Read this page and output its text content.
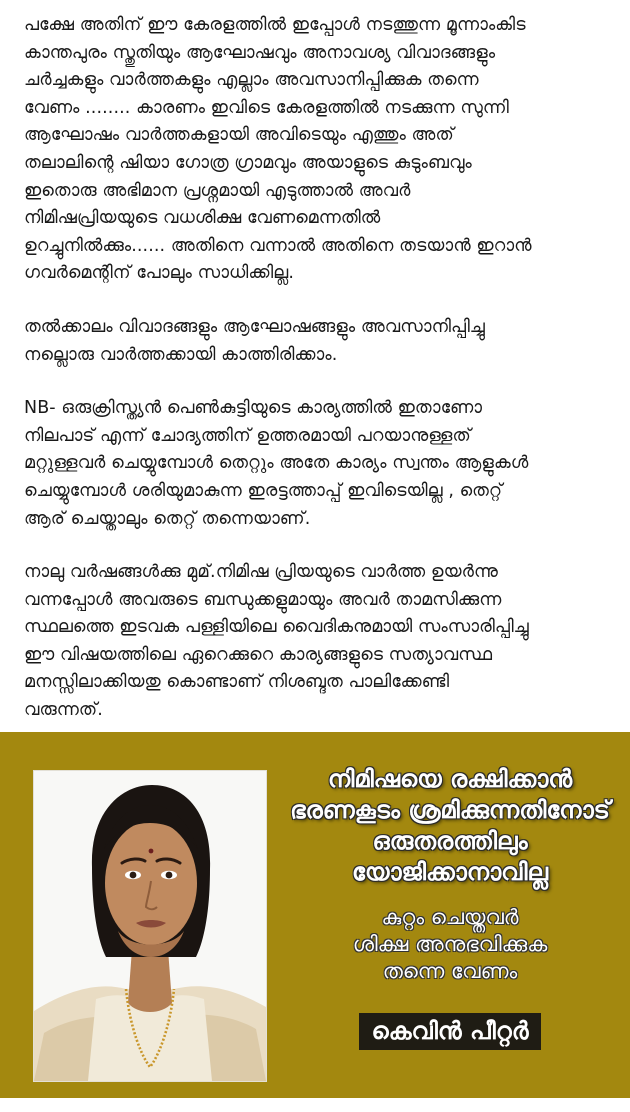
പക്ഷേ അതിന് ഈ കേരളത്തിൽ ഇപ്പോൾ നടത്തുന്ന മൂന്നാംകിട
കാന്തപുരം സ്തുതിയും ആഘോഷവും അനാവശ്യ വിവാദങ്ങളും
ചർച്ചകളും വാർത്തകളും എല്ലാം അവസാനിപ്പിക്കുക തന്നെ
വേണം ........ കാരണം ഇവിടെ കേരളത്തിൽ നടക്കുന്ന സുന്നി
ആഘോഷം വാർത്തകളായി അവിടെയും എത്തും അത്
തലാലിന്റെ ഷിയാ ഗോത്ര ഗ്രാമവും അയാളുടെ കുടുംബവും
ഇതൊരു അഭിമാന പ്രശ്നമായി എടുത്താൽ അവർ
നിമിഷപ്രിയയുടെ വധശിക്ഷ വേണമെന്നതിൽ
ഉറച്ചുനിൽക്കും...... അതിനെ വന്നാൽ അതിനെ തടയാൻ ഇറാൻ
ഗവർമെന്റിന് പോലും സാധിക്കില്ല.

തൽക്കാലം വിവാദങ്ങളും ആഘോഷങ്ങളും അവസാനിപ്പിച്ചു
നല്ലൊരു വാർത്തക്കായി കാത്തിരിക്കാം.

NB- ഒരുക്രിസ്ത്യൻ പെൺകുട്ടിയുടെ കാര്യത്തിൽ ഇതാണോ
നിലപാട് എന്ന് ചോദ്യത്തിന് ഉത്തരമായി പറയാനുള്ളത്
മറ്റുള്ളവർ ചെയ്യുമ്പോൾ തെറ്റും അതേ കാര്യം സ്വന്തം ആളുകൾ
ചെയ്യുമ്പോൾ ശരിയുമാകുന്ന ഇരട്ടത്താപ്പ് ഇവിടെയില്ല , തെറ്റ്
ആര് ചെയ്താലും തെറ്റ് തന്നെയാണ്.

നാലു വർഷങ്ങൾക്കു മുമ്.നിമിഷ പ്രിയയുടെ വാർത്ത ഉയർന്നു
വന്നപ്പോൾ അവരുടെ ബന്ധുക്കളുമായും അവർ താമസിക്കുന്ന
സ്ഥലത്തെ ഇടവക പള്ളിയിലെ വൈദികനുമായി സംസാരിപ്പിച്ചു
ഈ വിഷയത്തിലെ ഏറെക്കുറെ കാര്യങ്ങളുടെ സത്യാവസ്ഥ
മനസ്സിലാക്കിയതു കൊണ്ടാണ് നിശബ്ദത പാലിക്കേണ്ടി
വരുന്നത്.

നിമിഷയെ രക്ഷിക്കാൻ
ഭരണകൂടം ശ്രമിക്കുന്നതിനോട്
ഒരുതരത്തിലും
യോജിക്കാനാവില്ല

കുറ്റം ചെയ്തവർ
ശിക്ഷ അനുഭവിക്കുക
തന്നെ വേണം

കെവിൻ പീറ്റർ
